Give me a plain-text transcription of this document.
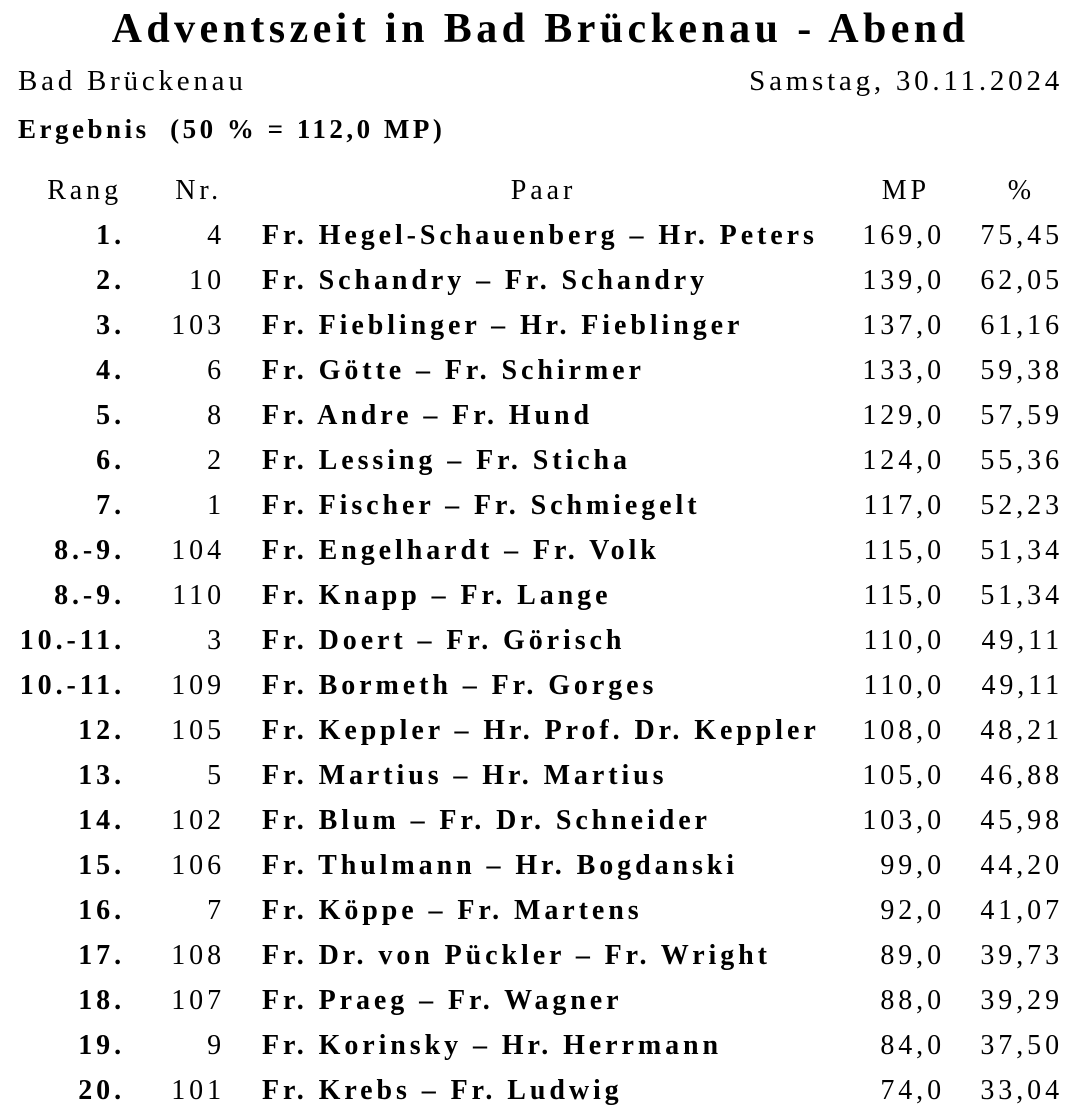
Adventszeit in Bad Brückenau - Abend
Bad Brückenau	Samstag, 30.11.2024
Ergebnis  (50 % = 112,0 MP)
Rang	Nr.	Paar	MP	%
1.	4	Fr. Hegel-Schauenberg – Hr. Peters	169,0	75,45
2.	10	Fr. Schandry – Fr. Schandry	139,0	62,05
3.	103	Fr. Fieblinger – Hr. Fieblinger	137,0	61,16
4.	6	Fr. Götte – Fr. Schirmer	133,0	59,38
5.	8	Fr. Andre – Fr. Hund	129,0	57,59
6.	2	Fr. Lessing – Fr. Sticha	124,0	55,36
7.	1	Fr. Fischer – Fr. Schmiegelt	117,0	52,23
8.-9.	104	Fr. Engelhardt – Fr. Volk	115,0	51,34
8.-9.	110	Fr. Knapp – Fr. Lange	115,0	51,34
10.-11.	3	Fr. Doert – Fr. Görisch	110,0	49,11
10.-11.	109	Fr. Bormeth – Fr. Gorges	110,0	49,11
12.	105	Fr. Keppler – Hr. Prof. Dr. Keppler	108,0	48,21
13.	5	Fr. Martius – Hr. Martius	105,0	46,88
14.	102	Fr. Blum – Fr. Dr. Schneider	103,0	45,98
15.	106	Fr. Thulmann – Hr. Bogdanski	99,0	44,20
16.	7	Fr. Köppe – Fr. Martens	92,0	41,07
17.	108	Fr. Dr. von Pückler – Fr. Wright	89,0	39,73
18.	107	Fr. Praeg – Fr. Wagner	88,0	39,29
19.	9	Fr. Korinsky – Hr. Herrmann	84,0	37,50
20.	101	Fr. Krebs – Fr. Ludwig	74,0	33,04
